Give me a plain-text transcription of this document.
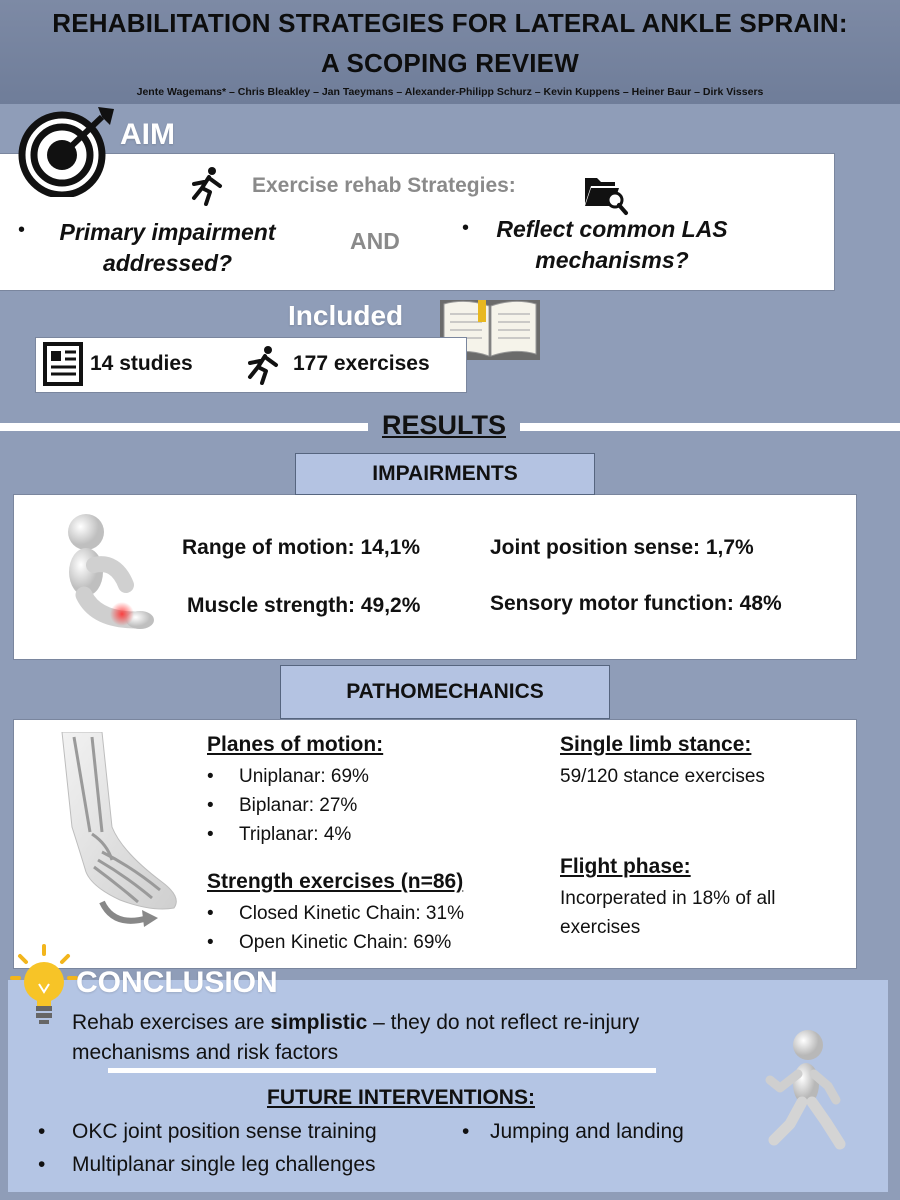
REHABILITATION STRATEGIES FOR LATERAL ANKLE SPRAIN:
A SCOPING REVIEW
Jente Wagemans* – Chris Bleakley – Jan Taeymans – Alexander-Philipp Schurz – Kevin Kuppens – Heiner Baur – Dirk Vissers
AIM
Exercise rehab Strategies:
•	Primary impairment
addressed?
AND	•	Reflect common LAS
mechanisms?
Included
14 studies	177 exercises
RESULTS
IMPAIRMENTS
Range of motion: 14,1%	Joint position sense: 1,7%
Muscle strength: 49,2%	Sensory motor function: 48%
PATHOMECHANICS
Planes of motion:
• Uniplanar: 69%
• Biplanar: 27%
• Triplanar: 4%
Strength exercises (n=86)
• Closed Kinetic Chain: 31%
• Open Kinetic Chain: 69%
Single limb stance:
59/120 stance exercises
Flight phase:
Incorperated in 18% of all
exercises
CONCLUSION
Rehab exercises are simplistic – they do not reflect re-injury
mechanisms and risk factors
FUTURE INTERVENTIONS:
• OKC joint position sense training	• Jumping and landing
• Multiplanar single leg challenges
